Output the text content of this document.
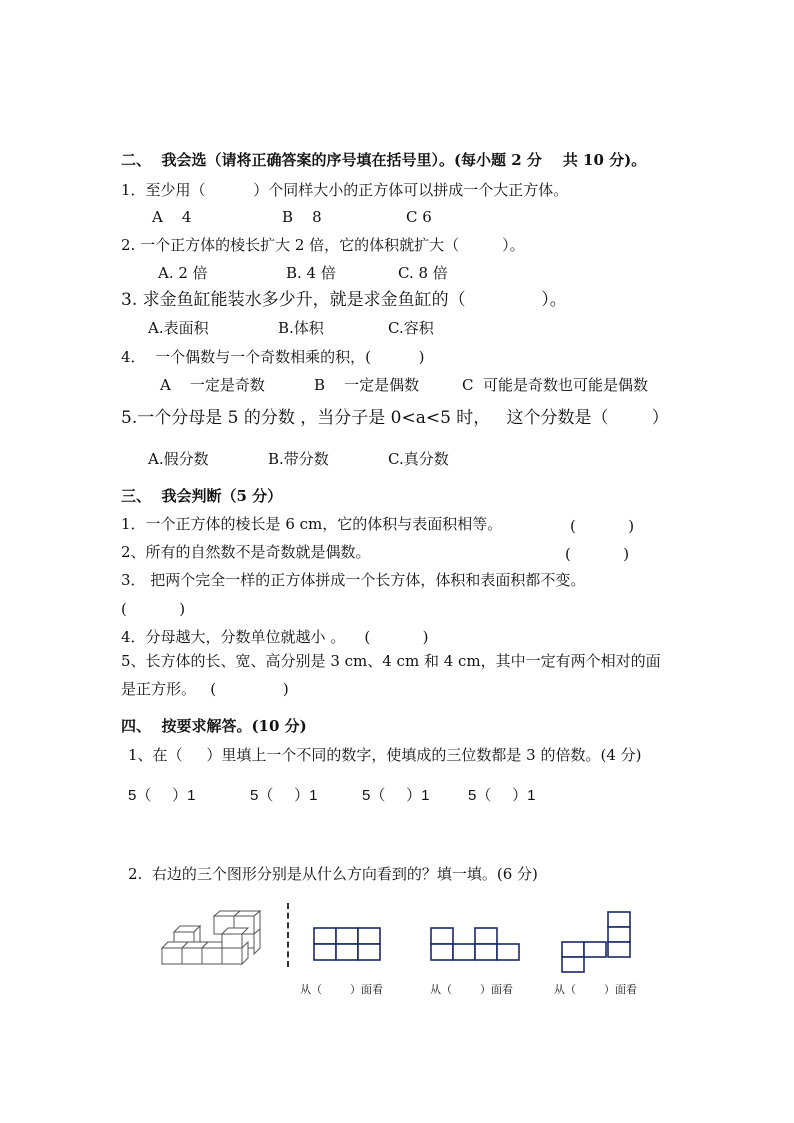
二、  我会选（请将正确答案的序号填在括号里）。(每小题 2 分    共 10 分)。
1．至少用（          ）个同样大小的正方体可以拼成一个大正方体。
A    4	B    8	C 6
2. 一个正方体的棱长扩大 2 倍，它的体积就扩大（         ）。
A. 2 倍	B. 4 倍	C. 8 倍
3. 求金鱼缸能装水多少升，就是求金鱼缸的（              ）。
A.表面积	B.体积	C.容积
4．  一个偶数与一个奇数相乘的积，(          )
A    一定是奇数	B    一定是偶数	C  可能是奇数也可能是偶数
5.一个分母是 5 的分数 ，当分子是 0<a<5 时，   这个分数是（        ）
A.假分数	B.带分数	C.真分数
三、  我会判断（5 分）
1．一个正方体的棱长是 6 cm，它的体积与表面积相等。	(           )
2、所有的自然数不是奇数就是偶数。	(           )
3． 把两个完全一样的正方体拼成一个长方体，体积和表面积都不变。
(           )
4．分母越大，分数单位就越小 。    (           )
5、长方体的长、宽、高分别是 3 cm、4 cm 和 4 cm，其中一定有两个相对的面
是正方形。   (              )
四、  按要求解答。(10 分)
1、在（     ）里填上一个不同的数字，使填成的三位数都是 3 的倍数。(4 分)
5（     ）1	5（     ）1	5（     ）1	5（     ）1
2.  右边的三个图形分别是从什么方向看到的？填一填。(6 分)
从（        ）面看	从（        ）面看	从（        ）面看
